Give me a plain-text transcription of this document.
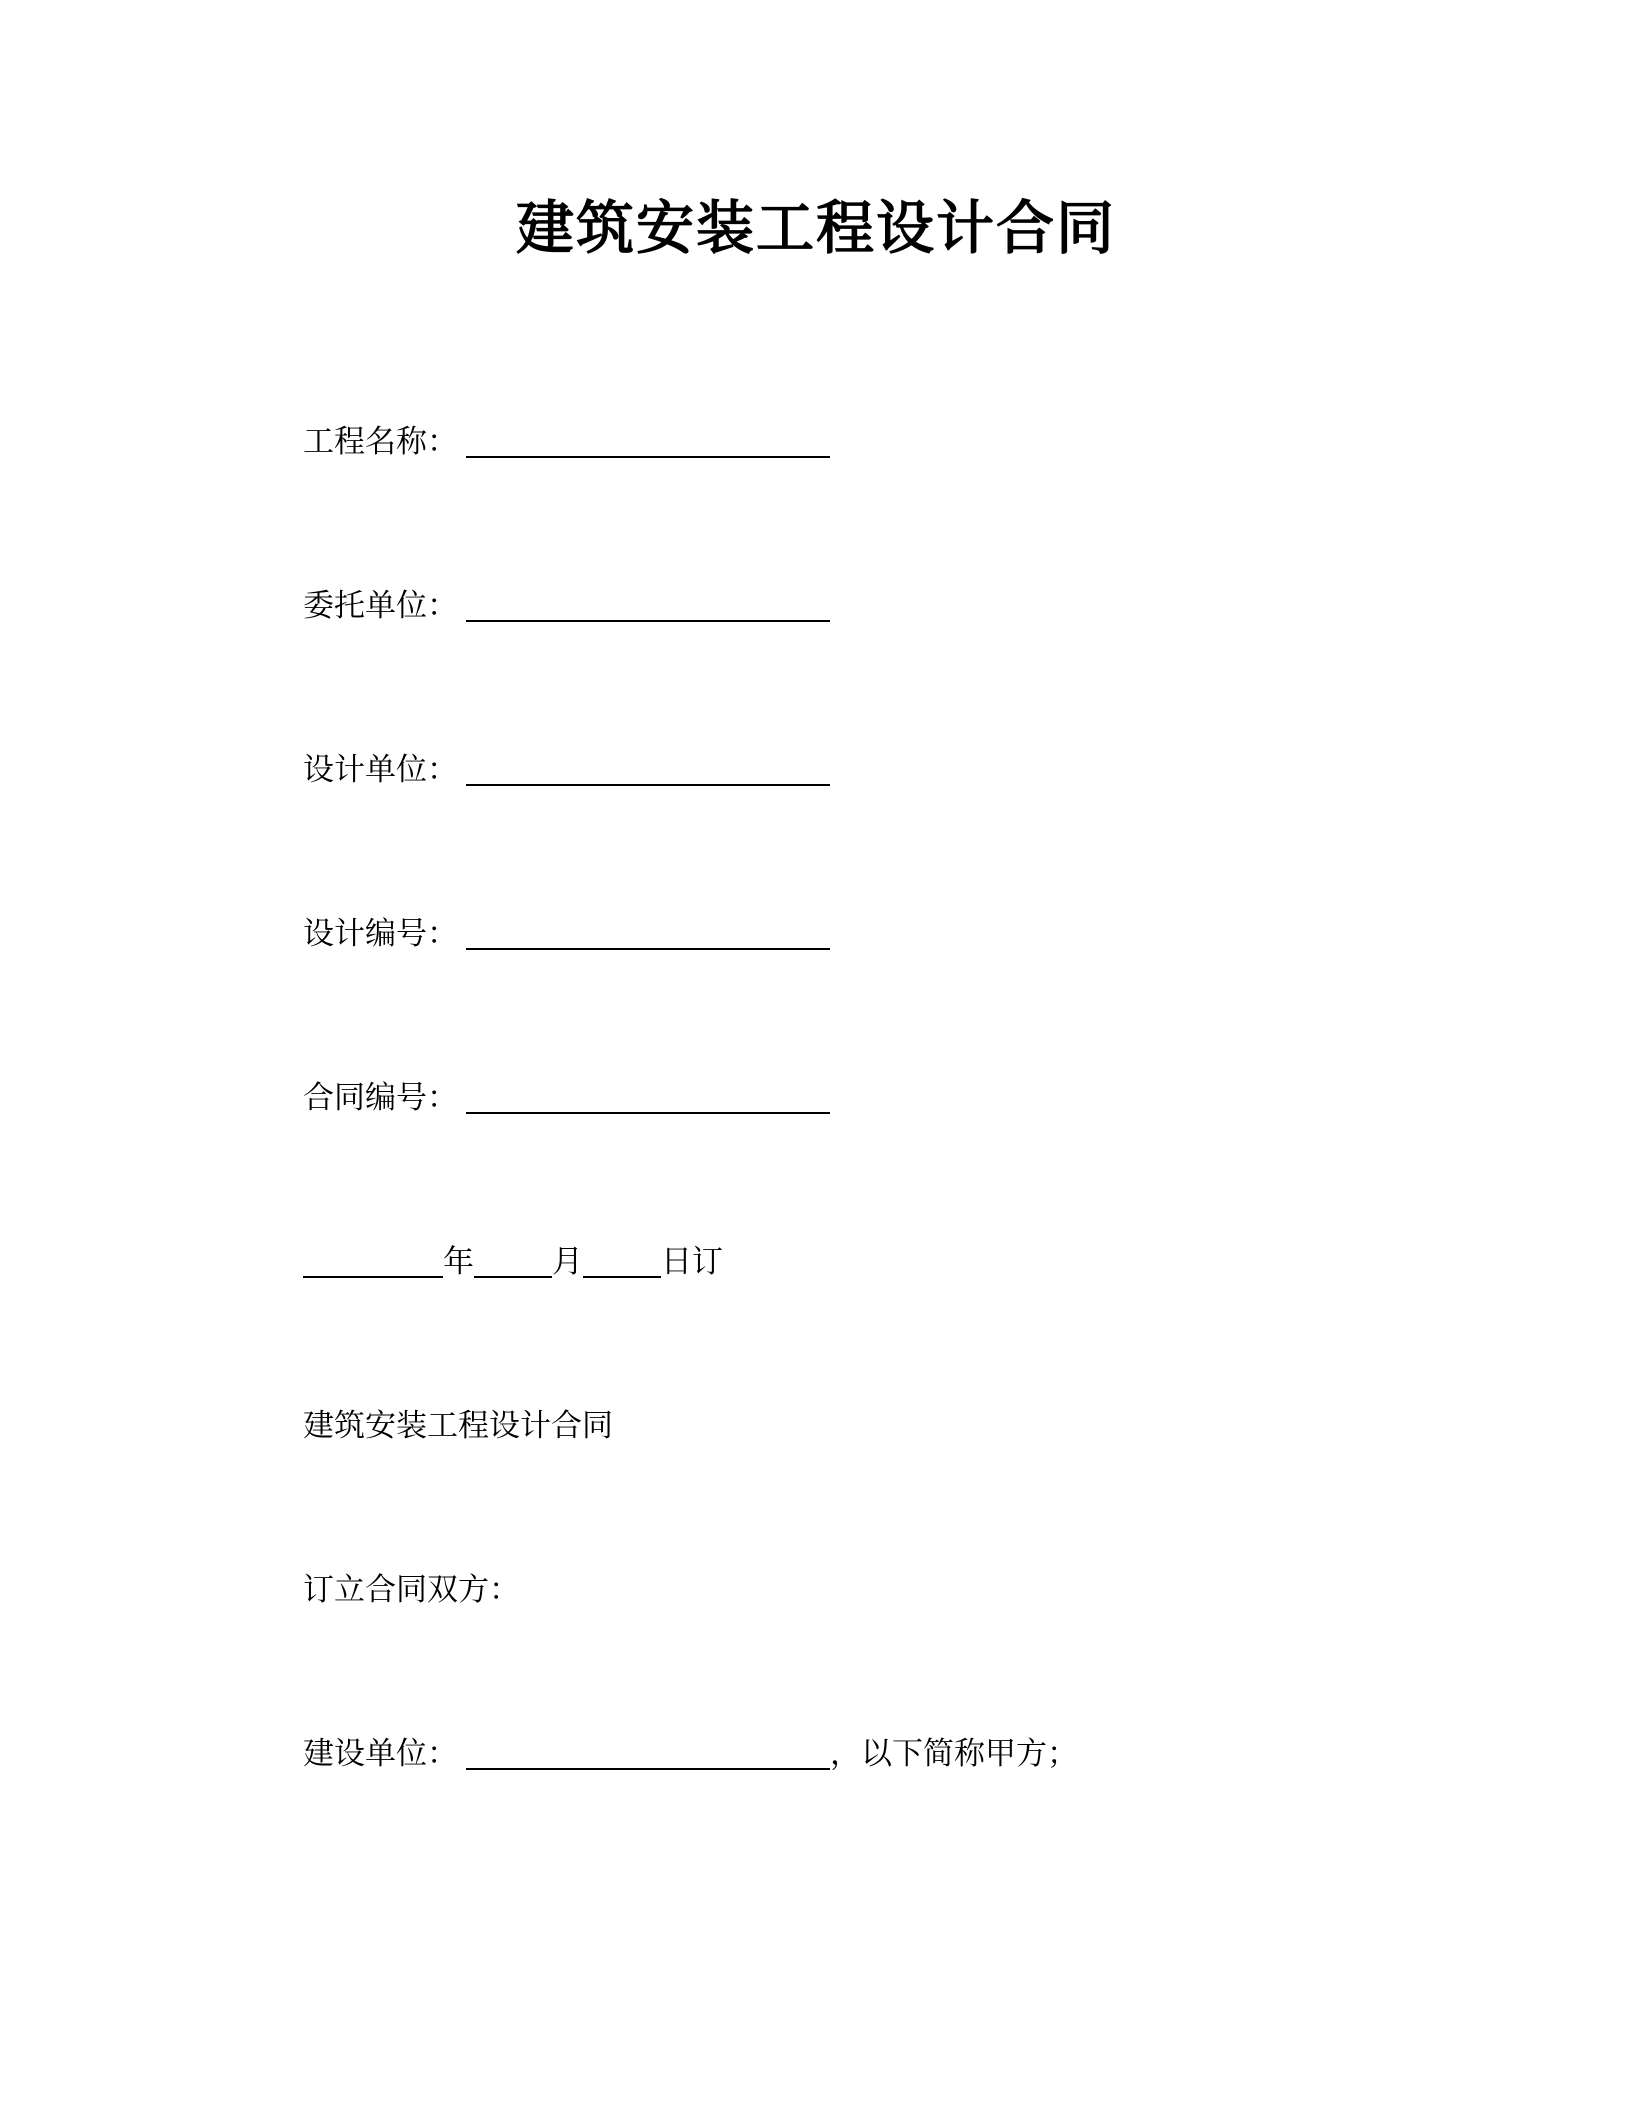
建筑安装工程设计合同
工程名称：
委托单位：
设计单位：
设计编号：
合同编号：
年	月	日订
建筑安装工程设计合同
订立合同双方：
建设单位：	，以下简称甲方；
